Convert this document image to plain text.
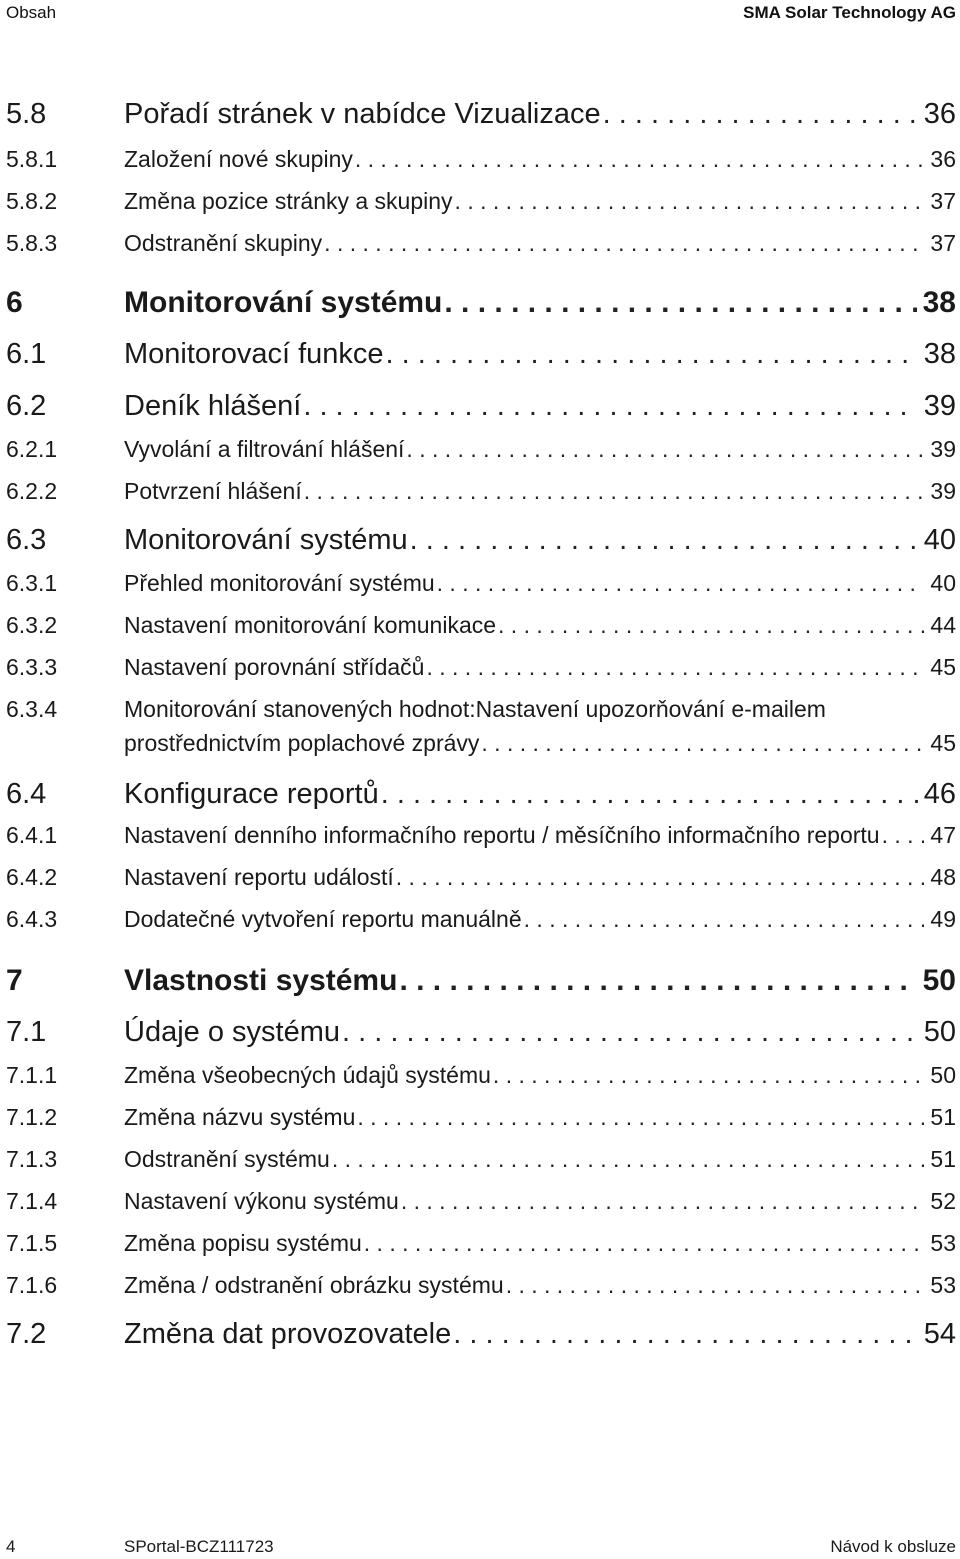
Obsah	SMA Solar Technology AG
5.8	Pořadí stránek v nabídce Vizualizace . . .	36
5.8.1	Založení nové skupiny . . .	36
5.8.2	Změna pozice stránky a skupiny . . .	37
5.8.3	Odstranění skupiny . . .	37
6	Monitorování systému . . .	38
6.1	Monitorovací funkce . . .	38
6.2	Deník hlášení . . .	39
6.2.1	Vyvolání a filtrování hlášení . . .	39
6.2.2	Potvrzení hlášení . . .	39
6.3	Monitorování systému . . .	40
6.3.1	Přehled monitorování systému . . .	40
6.3.2	Nastavení monitorování komunikace . . .	44
6.3.3	Nastavení porovnání střídačů . . .	45
6.3.4	Monitorování stanovených hodnot:Nastavení upozorňování e-mailem
prostřednictvím poplachové zprávy . . .	45
6.4	Konfigurace reportů . . .	46
6.4.1	Nastavení denního informačního reportu / měsíčního informačního reportu . . . 47
6.4.2	Nastavení reportu událostí . . .	48
6.4.3	Dodatečné vytvoření reportu manuálně . . .	49
7	Vlastnosti systému . . .	50
7.1	Údaje o systému . . .	50
7.1.1	Změna všeobecných údajů systému . . .	50
7.1.2	Změna názvu systému . . .	51
7.1.3	Odstranění systému . . .	51
7.1.4	Nastavení výkonu systému . . .	52
7.1.5	Změna popisu systému . . .	53
7.1.6	Změna / odstranění obrázku systému . . .	53
7.2	Změna dat provozovatele . . .	54
4	SPortal-BCZ111723	Návod k obsluze
